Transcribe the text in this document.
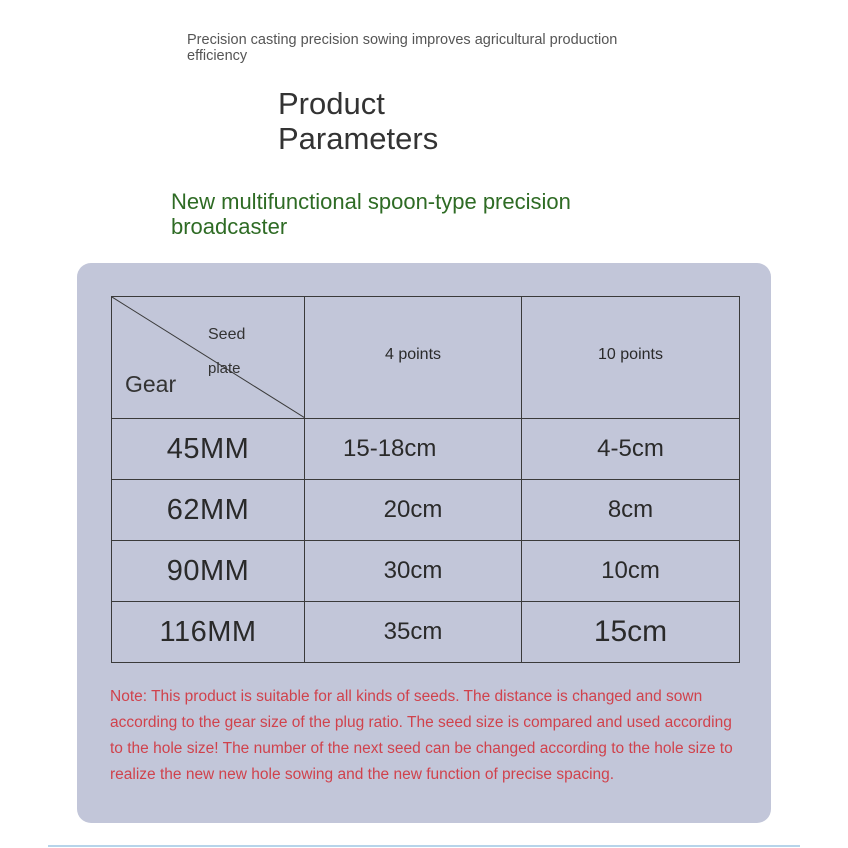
Precision casting precision sowing improves agricultural production efficiency
Product
Parameters
New multifunctional spoon-type precision broadcaster
Seed
plate
Gear	4 points	10 points
45MM	15-18cm	4-5cm
62MM	20cm	8cm
90MM	30cm	10cm
116MM	35cm	15cm
Note: This product is suitable for all kinds of seeds. The distance is changed and sown according to the gear size of the plug ratio. The seed size is compared and used according to the hole size! The number of the next seed can be changed according to the hole size to realize the new new hole sowing and the new function of precise spacing.
